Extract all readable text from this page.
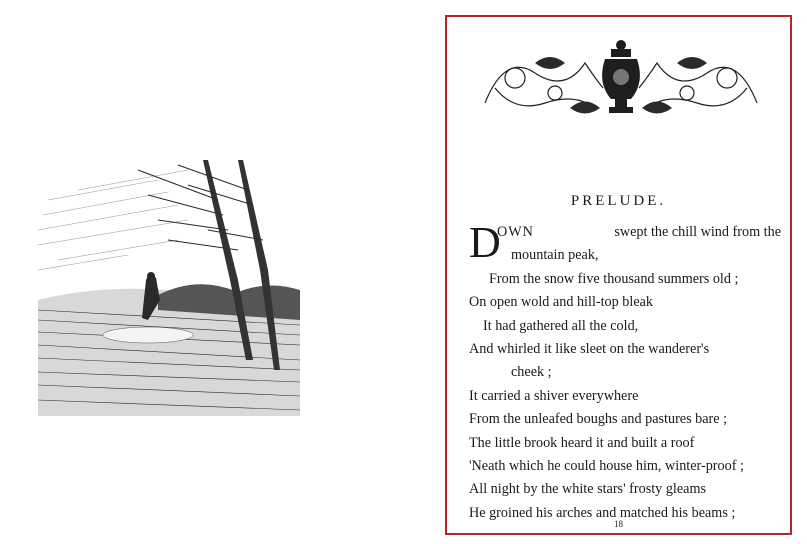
PRELUDE.
D
OWN	swept the chill wind from the
mountain peak,
From the snow five thousand summers old ;
On open wold and hill-top bleak
It had gathered all the cold,
And whirled it like sleet on the wanderer's
cheek ;
It carried a shiver everywhere
From the unleafed boughs and pastures bare ;
The little brook heard it and built a roof
'Neath which he could house him, winter-proof ;
All night by the white stars' frosty gleams
He groined his arches and matched his beams ;
18
